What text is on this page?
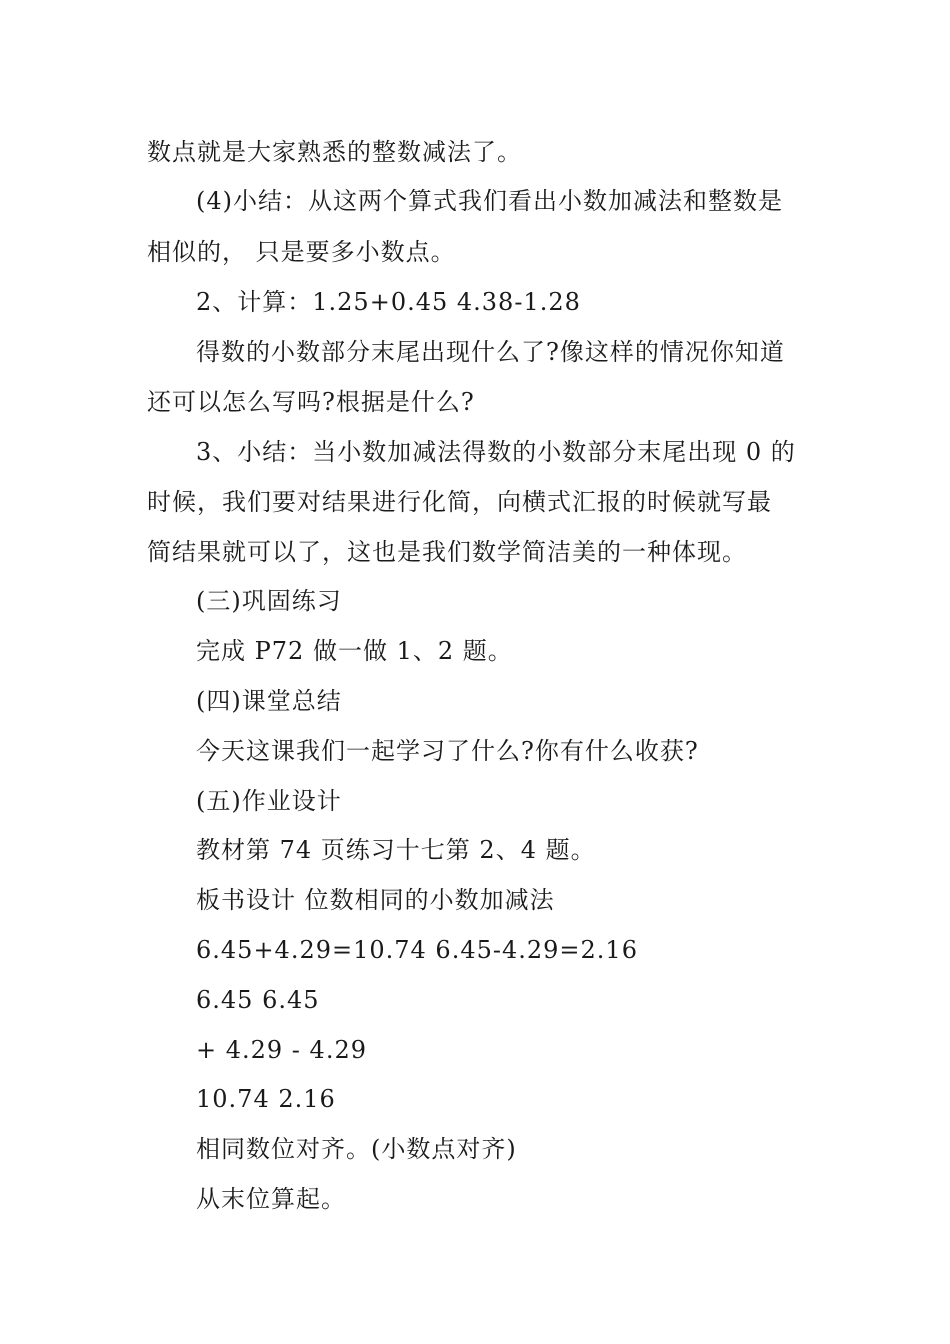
数点就是大家熟悉的整数减法了。
(4)小结：从这两个算式我们看出小数加减法和整数是
相似的， 只是要多小数点。
2、计算：1.25+0.45 4.38-1.28
得数的小数部分末尾出现什么了?像这样的情况你知道
还可以怎么写吗?根据是什么?
3、小结：当小数加减法得数的小数部分末尾出现 0 的
时候，我们要对结果进行化简，向横式汇报的时候就写最
简结果就可以了，这也是我们数学简洁美的一种体现。
(三)巩固练习
完成 P72 做一做 1、2 题。
(四)课堂总结
今天这课我们一起学习了什么?你有什么收获?
(五)作业设计
教材第 74 页练习十七第 2、4 题。
板书设计 位数相同的小数加减法
6.45+4.29=10.74 6.45-4.29=2.16
6.45 6.45
+ 4.29 - 4.29
10.74 2.16
相同数位对齐。(小数点对齐)
从末位算起。
